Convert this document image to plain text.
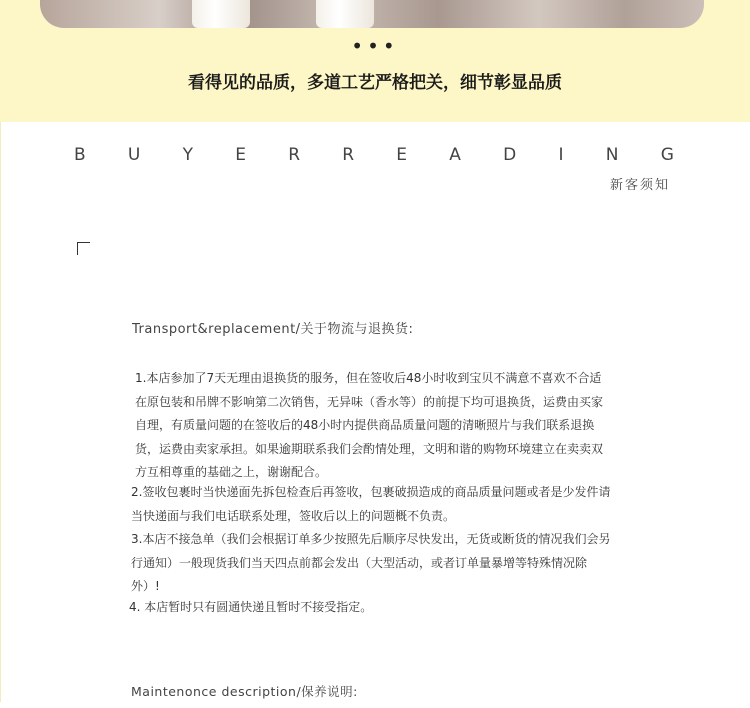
•••
看得见的品质，多道工艺严格把关，细节彰显品质
B U Y E R R E A D I N G
新客须知
Transport&replacement/关于物流与退换货:

1.本店参加了7天无理由退换货的服务，但在签收后48小时收到宝贝不满意不喜欢不合适在原包装和吊牌不影响第二次销售，无异味（香水等）的前提下均可退换货，运费由买家自理，有质量问题的在签收后的48小时内提供商品质量问题的清晰照片与我们联系退换货，运费由卖家承担。如果逾期联系我们会酌情处理，文明和谐的购物环境建立在卖卖双方互相尊重的基础之上，谢谢配合。

2.签收包裹时当快递面先拆包检查后再签收，包裹破损造成的商品质量问题或者是少发件请当快递面与我们电话联系处理，签收后以上的问题概不负责。

3.本店不接急单（我们会根据订单多少按照先后顺序尽快发出，无货或断货的情况我们会另行通知）一般现货我们当天四点前都会发出（大型活动，或者订单量暴增等特殊情况除外）!

4. 本店暂时只有圆通快递且暂时不接受指定。

Maintenonce description/保养说明:
